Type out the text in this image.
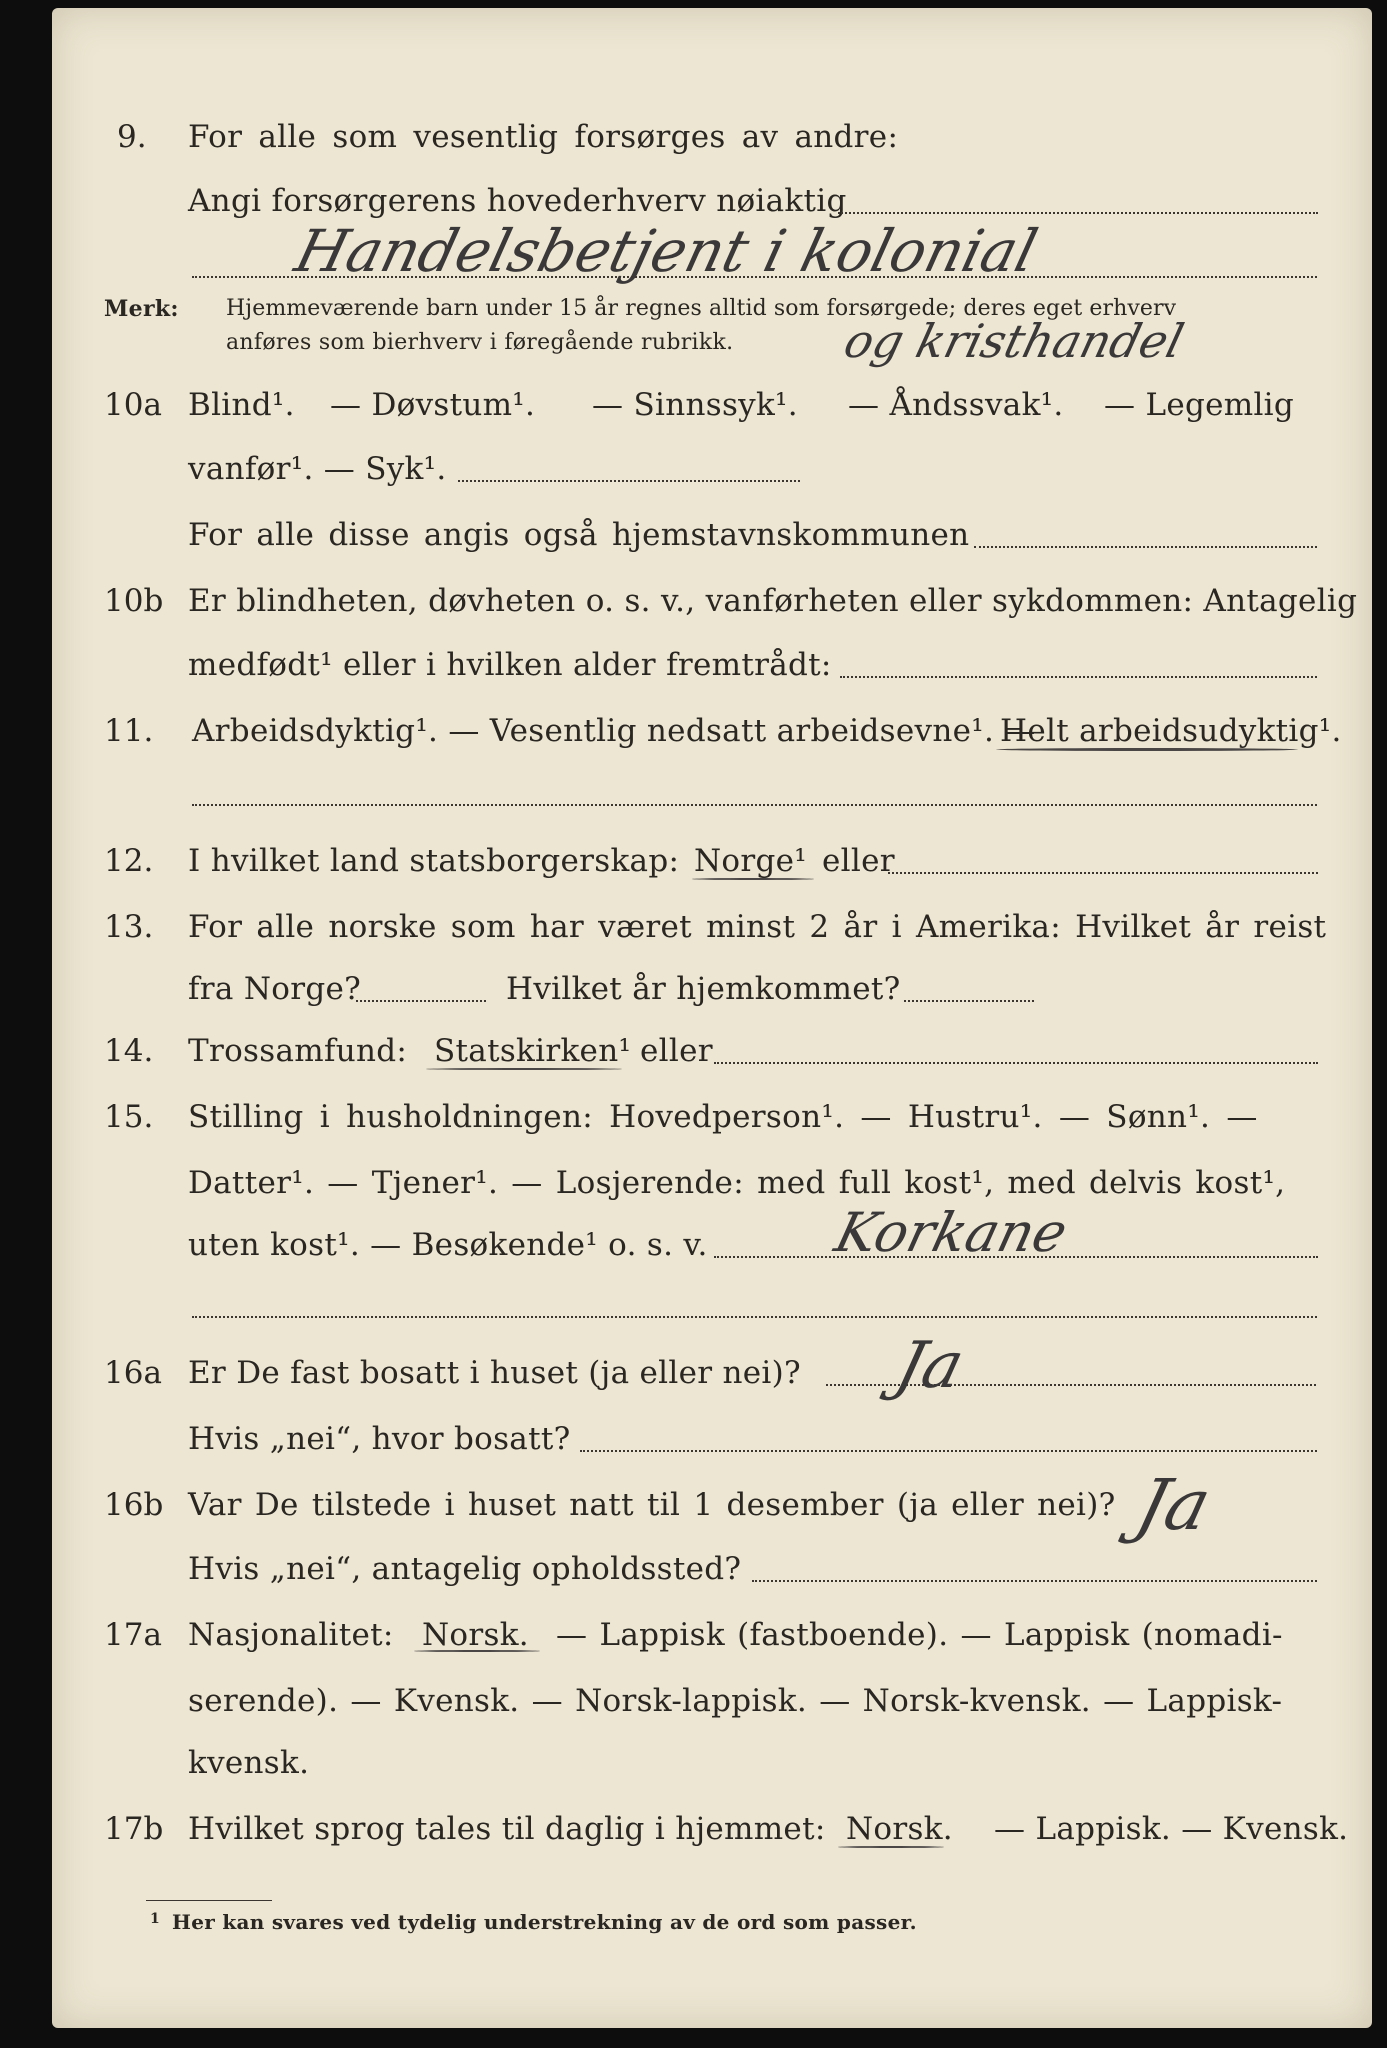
9. For alle som vesentlig forsørges av andre:
Angi forsørgerens hovederhverv nøiaktig
Handelsbetjent i kolonial
Merk: Hjemmeværende barn under 15 år regnes alltid som forsørgede; deres eget erhverv
anføres som bierhverv i føregående rubrikk. og kristhandel
10a Blind¹. — Døvstum¹. — Sinnssyk¹. — Åndssvak¹. — Legemlig
vanfør¹. — Syk¹.
For alle disse angis også hjemstavnskommunen
10b Er blindheten, døvheten o. s. v., vanførheten eller sykdommen: Antagelig
medfødt¹ eller i hvilken alder fremtrådt:
11. Arbeidsdyktig¹. — Vesentlig nedsatt arbeidsevne¹. —
Helt arbeidsudyktig¹.
12. I hvilket land statsborgerskap: Norge¹ eller
13. For alle norske som har været minst 2 år i Amerika: Hvilket år reist
fra Norge?	Hvilket år hjemkommet?
14. Trossamfund: Statskirken¹ eller
15. Stilling i husholdningen: Hovedperson¹. — Hustru¹. — Sønn¹. —
Datter¹. — Tjener¹. — Losjerende: med full kost¹, med delvis kost¹,
uten kost¹. — Besøkende¹ o. s. v. Korkane
16a Er De fast bosatt i huset (ja eller nei)? Ja
Hvis „nei“, hvor bosatt?
16b Var De tilstede i huset natt til 1 desember (ja eller nei)? Ja
Hvis „nei“, antagelig opholdssted?
17a Nasjonalitet: Norsk. — Lappisk (fastboende). — Lappisk (nomadi-
serende). — Kvensk. — Norsk-lappisk. — Norsk-kvensk. — Lappisk-
kvensk.
17b Hvilket sprog tales til daglig i hjemmet: Norsk. — Lappisk. — Kvensk.
1 Her kan svares ved tydelig understrekning av de ord som passer.
